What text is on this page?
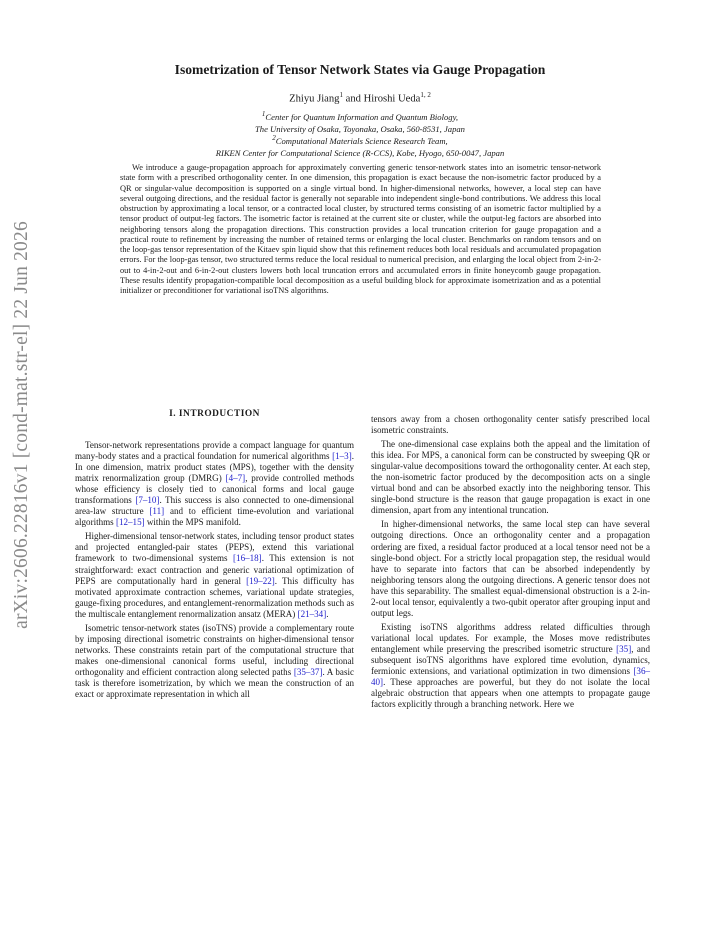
arXiv:2606.22816v1 [cond-mat.str-el] 22 Jun 2026
Isometrization of Tensor Network States via Gauge Propagation
Zhiyu Jiang$^1$ and Hiroshi Ueda$^{1, 2}$
$^1$Center for Quantum Information and Quantum Biology,
The University of Osaka, Toyonaka, Osaka, 560-8531, Japan
$^2$Computational Materials Science Research Team,
RIKEN Center for Computational Science (R-CCS), Kobe, Hyogo, 650-0047, Japan

We introduce a gauge-propagation approach for approximately converting generic tensor-network states into an isometric tensor-network state form with a prescribed orthogonality center. In one dimension, this propagation is exact because the non-isometric factor produced by a QR or singular-value decomposition is supported on a single virtual bond. In higher-dimensional networks, however, a local step can have several outgoing directions, and the residual factor is generally not separable into independent single-bond contributions. We address this local obstruction by approximating a local tensor, or a contracted local cluster, by structured terms consisting of an isometric factor multiplied by a tensor product of output-leg factors. The isometric factor is retained at the current site or cluster, while the output-leg factors are absorbed into neighboring tensors along the propagation directions. This construction provides a local truncation criterion for gauge propagation and a practical route to refinement by increasing the number of retained terms or enlarging the local cluster. Benchmarks on random tensors and on the loop-gas tensor representation of the Kitaev spin liquid show that this refinement reduces both local residuals and accumulated propagation errors. For the loop-gas tensor, two structured terms reduce the local residual to numerical precision, and enlarging the local object from 2-in-2-out to 4-in-2-out and 6-in-2-out clusters lowers both local truncation errors and accumulated errors in finite honeycomb gauge propagation. These results identify propagation-compatible local decomposition as a useful building block for approximate isometrization and as a potential initializer or preconditioner for variational isoTNS algorithms.

I. INTRODUCTION

Tensor-network representations provide a compact language for quantum many-body states and a practical foundation for numerical algorithms [1–3]. In one dimension, matrix product states (MPS), together with the density matrix renormalization group (DMRG) [4–7], provide controlled methods whose efficiency is closely tied to canonical forms and local gauge transformations [7–10]. This success is also connected to one-dimensional area-law structure [11] and to efficient time-evolution and variational algorithms [12–15] within the MPS manifold.

Higher-dimensional tensor-network states, including tensor product states and projected entangled-pair states (PEPS), extend this variational framework to two-dimensional systems [16–18]. This extension is not straightforward: exact contraction and generic variational optimization of PEPS are computationally hard in general [19–22]. This difficulty has motivated approximate contraction schemes, variational update strategies, gauge-fixing procedures, and entanglement-renormalization methods such as the multiscale entanglement renormalization ansatz (MERA) [21–34].

Isometric tensor-network states (isoTNS) provide a complementary route by imposing directional isometric constraints on higher-dimensional tensor networks. These constraints retain part of the computational structure that makes one-dimensional canonical forms useful, including directional orthogonality and efficient contraction along selected paths [35–37]. A basic task is therefore isometrization, by which we mean the construction of an exact or approximate representation in which all

tensors away from a chosen orthogonality center satisfy prescribed local isometric constraints.

The one-dimensional case explains both the appeal and the limitation of this idea. For MPS, a canonical form can be constructed by sweeping QR or singular-value decompositions toward the orthogonality center. At each step, the non-isometric factor produced by the decomposition acts on a single virtual bond and can be absorbed exactly into the neighboring tensor. This single-bond structure is the reason that gauge propagation is exact in one dimension, apart from any intentional truncation.

In higher-dimensional networks, the same local step can have several outgoing directions. Once an orthogonality center and a propagation ordering are fixed, a residual factor produced at a local tensor need not be a single-bond object. For a strictly local propagation step, the residual would have to separate into factors that can be absorbed independently by neighboring tensors along the outgoing directions. A generic tensor does not have this separability. The smallest equal-dimensional obstruction is a 2-in-2-out local tensor, equivalently a two-qubit operator after grouping input and output legs.

Existing isoTNS algorithms address related difficulties through variational local updates. For example, the Moses move redistributes entanglement while preserving the prescribed isometric structure [35], and subsequent isoTNS algorithms have explored time evolution, dynamics, fermionic extensions, and variational optimization in two dimensions [36–40]. These approaches are powerful, but they do not isolate the local algebraic obstruction that appears when one attempts to propagate gauge factors explicitly through a branching network. Here we
